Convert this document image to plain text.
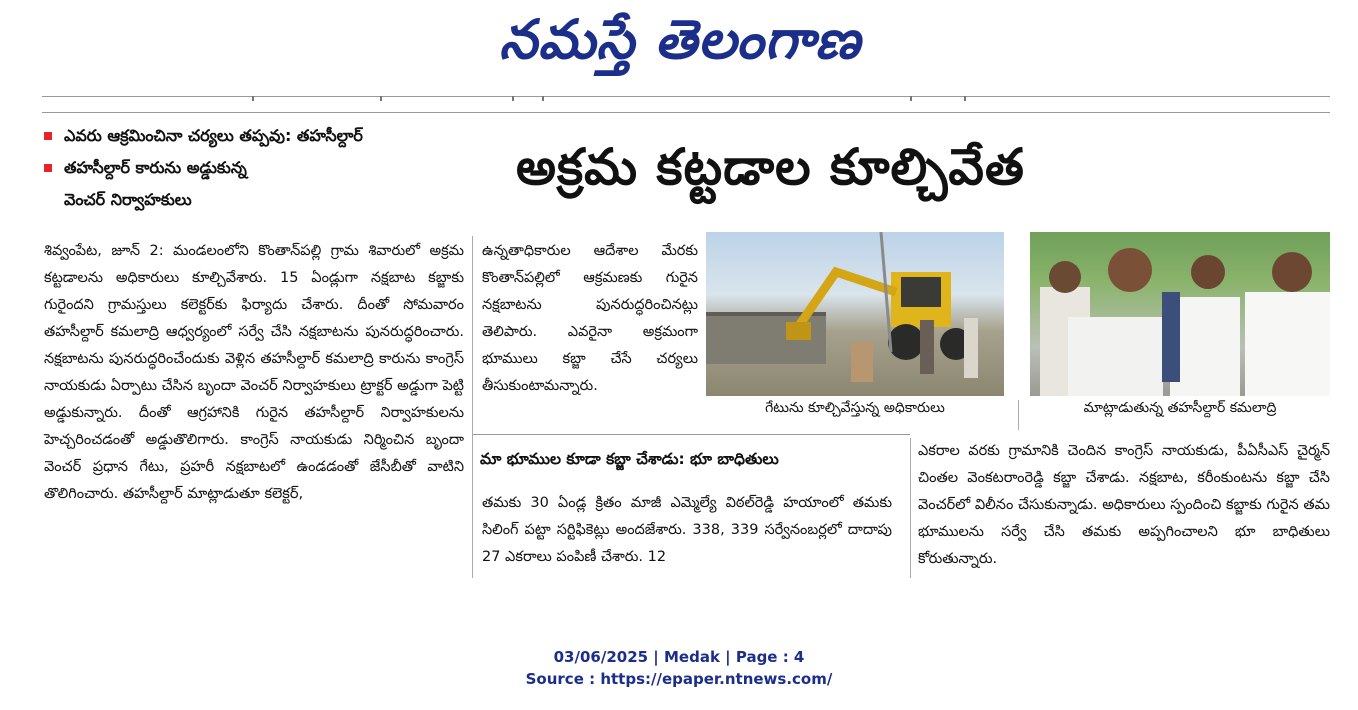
నమస్తే తెలంగాణ
ఎవరు ఆక్రమించినా చర్యలు తప్పవు: తహసీల్దార్
తహసీల్దార్ కారును అడ్డుకున్న
వెంచర్ నిర్వాహకులు
అక్రమ కట్టడాల కూల్చివేత
శివ్వంపేట, జూన్ 2: మండలంలోని కొంతాన్‌పల్లి గ్రామ శివారులో అక్రమ కట్టడాలను అధికారులు కూల్చివేశారు. 15 ఏండ్లుగా నక్షబాట కబ్జాకు గురైందని గ్రామస్తులు కలెక్టర్‌కు ఫిర్యాదు చేశారు. దీంతో సోమవారం తహసీల్దార్ కమలాద్రి ఆధ్వర్యంలో సర్వే చేసి నక్షబాటను పునరుద్ధరించారు. నక్షబాటను పునరుద్ధరించేందుకు వెళ్లిన తహసీల్దార్ కమలాద్రి కారును కాంగ్రెస్ నాయకుడు ఏర్పాటు చేసిన బృందా వెంచర్ నిర్వాహకులు ట్రాక్టర్ అడ్డుగా పెట్టి అడ్డుకున్నారు. దీంతో ఆగ్రహానికి గురైన తహసీల్దార్ నిర్వాహకులను హెచ్చరించడంతో అడ్డుతొలిగారు. కాంగ్రెస్ నాయకుడు నిర్మించిన బృందా వెంచర్ ప్రధాన గేటు, ప్రహరీ నక్షబాటలో ఉండడంతో జేసీబీతో వాటిని తొలిగించారు. తహసీల్దార్ మాట్లాడుతూ కలెక్టర్,
ఉన్నతాధికారుల ఆదేశాల మేరకు కొంతాన్‌పల్లిలో ఆక్రమణకు గురైన నక్షబాటను పునరుద్ధరించినట్లు తెలిపారు. ఎవరైనా అక్రమంగా భూములు కబ్జా చేసే చర్యలు తీసుకుంటామన్నారు.
గేటును కూల్చివేస్తున్న అధికారులు	మాట్లాడుతున్న తహసీల్దార్ కమలాద్రి
మా భూముల కూడా కబ్జా చేశాడు: భూ బాధితులు
తమకు 30 ఏండ్ల క్రితం మాజీ ఎమ్మెల్యే విఠల్‌రెడ్డి హయాంలో తమకు సిలింగ్ పట్టా సర్టిఫికెట్లు అందజేశారు. 338, 339 సర్వేనంబర్లలో దాదాపు 27 ఎకరాలు పంపిణీ చేశారు. 12
ఎకరాల వరకు గ్రామానికి చెందిన కాంగ్రెస్ నాయకుడు, పీఏసీఎస్ చైర్మన్ చింతల వెంకటరాంరెడ్డి కబ్జా చేశాడు. నక్షబాట, కరీంకుంటను కబ్జా చేసి వెంచర్‌లో విలీనం చేసుకున్నాడు. అధికారులు స్పందించి కబ్జాకు గురైన తమ భూములను సర్వే చేసి తమకు అప్పగించాలని భూ బాధితులు కోరుతున్నారు.
03/06/2025 | Medak | Page : 4
Source : https://epaper.ntnews.com/
